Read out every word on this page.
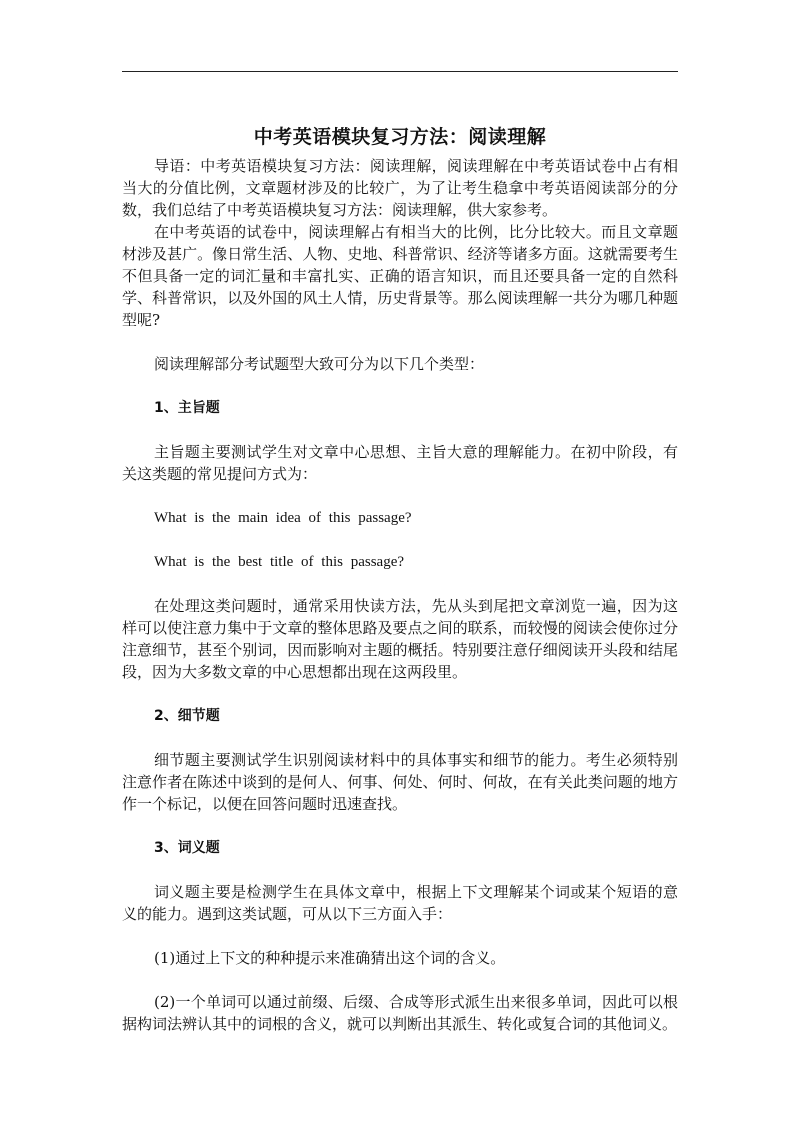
中考英语模块复习方法：阅读理解

导语：中考英语模块复习方法：阅读理解，阅读理解在中考英语试卷中占有相当大的分值比例，文章题材涉及的比较广，为了让考生稳拿中考英语阅读部分的分数，我们总结了中考英语模块复习方法：阅读理解，供大家参考。

在中考英语的试卷中，阅读理解占有相当大的比例，比分比较大。而且文章题材涉及甚广。像日常生活、人物、史地、科普常识、经济等诸多方面。这就需要考生不但具备一定的词汇量和丰富扎实、正确的语言知识，而且还要具备一定的自然科学、科普常识，以及外国的风土人情，历史背景等。那么阅读理解一共分为哪几种题型呢?

阅读理解部分考试题型大致可分为以下几个类型：

1、主旨题

主旨题主要测试学生对文章中心思想、主旨大意的理解能力。在初中阶段，有关这类题的常见提问方式为：

What is the main idea of this passage?

What is the best title of this passage?

在处理这类问题时，通常采用快读方法，先从头到尾把文章浏览一遍，因为这样可以使注意力集中于文章的整体思路及要点之间的联系，而较慢的阅读会使你过分注意细节，甚至个别词，因而影响对主题的概括。特别要注意仔细阅读开头段和结尾段，因为大多数文章的中心思想都出现在这两段里。

2、细节题

细节题主要测试学生识别阅读材料中的具体事实和细节的能力。考生必须特别注意作者在陈述中谈到的是何人、何事、何处、何时、何故，在有关此类问题的地方作一个标记，以便在回答问题时迅速查找。

3、词义题

词义题主要是检测学生在具体文章中，根据上下文理解某个词或某个短语的意义的能力。遇到这类试题，可从以下三方面入手：

(1)通过上下文的种种提示来准确猜出这个词的含义。

(2)一个单词可以通过前缀、后缀、合成等形式派生出来很多单词，因此可以根据构词法辨认其中的词根的含义，就可以判断出其派生、转化或复合词的其他词义。
